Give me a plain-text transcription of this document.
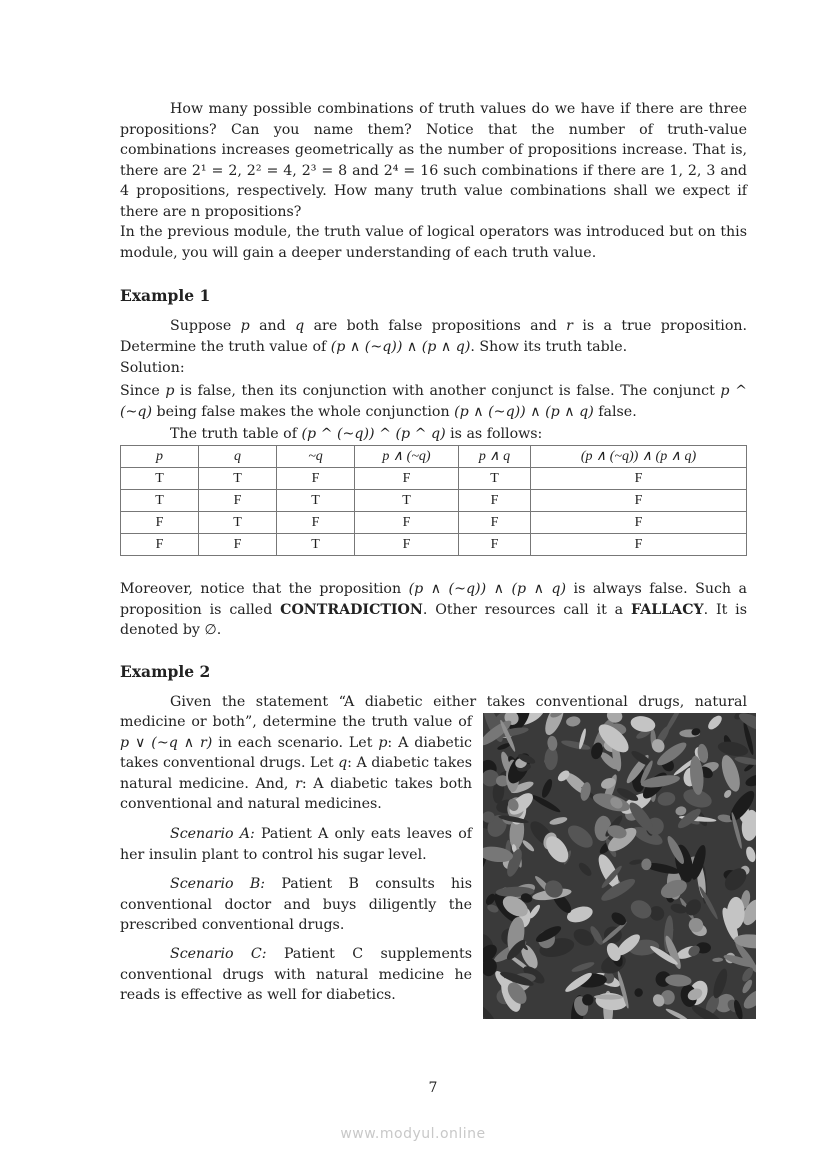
How many possible combinations of truth values do we have if there are three propositions? Can you name them? Notice that the number of truth-value combinations increases geometrically as the number of propositions increase. That is, there are 2¹ = 2, 2² = 4, 2³ = 8 and 2⁴ = 16 such combinations if there are 1, 2, 3 and 4 propositions, respectively. How many truth value combinations shall we expect if there are n propositions?
In the previous module, the truth value of logical operators was introduced but on this module, you will gain a deeper understanding of each truth value.
Example 1
Suppose p and q are both false propositions and r is a true proposition. Determine the truth value of (p ∧ (~q)) ∧ (p ∧ q). Show its truth table.
Solution:
Since p is false, then its conjunction with another conjunct is false. The conjunct p ^ (~q) being false makes the whole conjunction (p ∧ (~q)) ∧ (p ∧ q) false.
The truth table of (p ^ (~q)) ^ (p ^ q) is as follows:
p	q	~q	p ∧ (~q)	p ∧ q	(p ∧ (~q)) ∧ (p ∧ q)
T	T	F	F	T	F
T	F	T	T	F	F
F	T	F	F	F	F
F	F	T	F	F	F
Moreover, notice that the proposition (p ∧ (~q)) ∧ (p ∧ q) is always false. Such a proposition is called CONTRADICTION. Other resources call it a FALLACY. It is denoted by ∅.
Example 2
Given the statement “A diabetic either takes conventional drugs, natural
medicine or both”, determine the truth value of p ∨ (~q ∧ r) in each scenario. Let p: A diabetic takes conventional drugs. Let q: A diabetic takes natural medicine. And, r: A diabetic takes both conventional and natural medicines.
Scenario A: Patient A only eats leaves of her insulin plant to control his sugar level.
Scenario B: Patient B consults his conventional doctor and buys diligently the prescribed conventional drugs.
Scenario C: Patient C supplements conventional drugs with natural medicine he reads is effective as well for diabetics.
7
www.modyul.online
